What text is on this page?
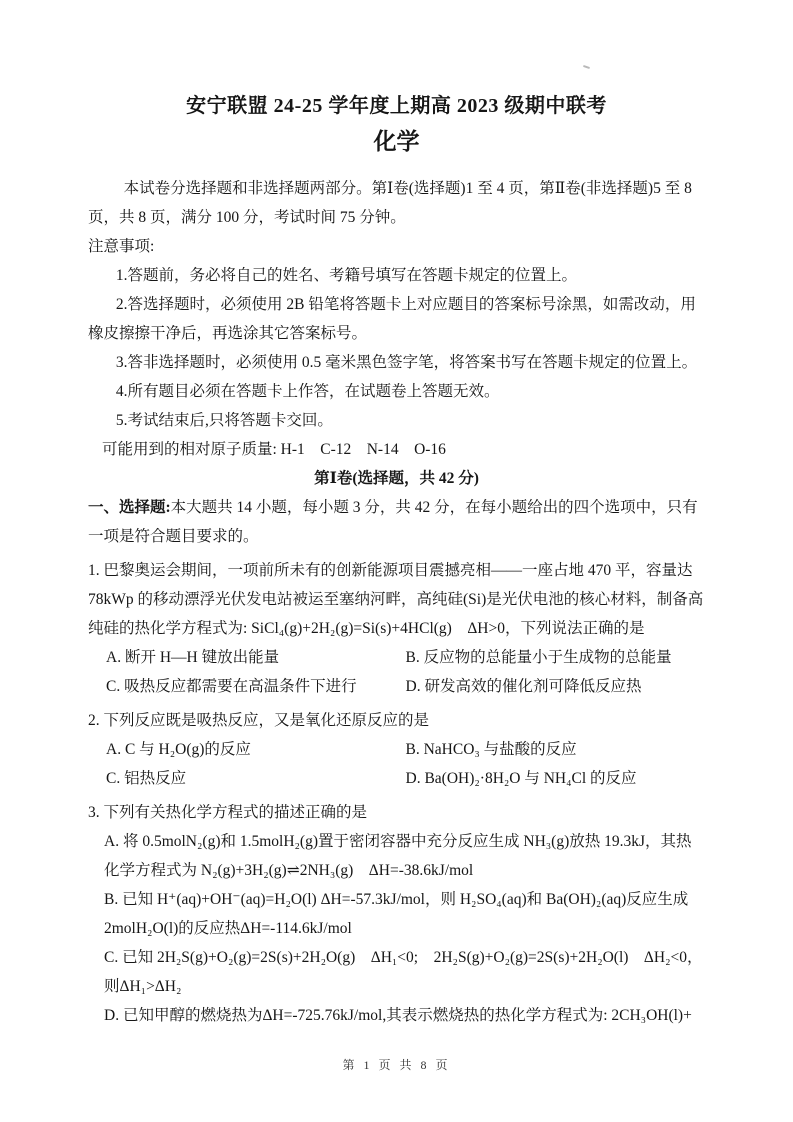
安宁联盟 24-25 学年度上期高 2023 级期中联考
化学

本试卷分选择题和非选择题两部分。第Ⅰ卷(选择题)1 至 4 页，第Ⅱ卷(非选择题)5 至 8 页，共 8 页，满分 100 分，考试时间 75 分钟。

注意事项:

1.答题前，务必将自己的姓名、考籍号填写在答题卡规定的位置上。

2.答选择题时，必须使用 2B 铅笔将答题卡上对应题目的答案标号涂黑，如需改动，用橡皮擦擦干净后，再选涂其它答案标号。

3.答非选择题时，必须使用 0.5 毫米黑色签字笔，将答案书写在答题卡规定的位置上。

4.所有题目必须在答题卡上作答，在试题卷上答题无效。

5.考试结束后,只将答题卡交回。

可能用到的相对原子质量: H-1　C-12　N-14　O-16

第Ⅰ卷(选择题，共 42 分)

一、选择题:本大题共 14 小题，每小题 3 分，共 42 分，在每小题给出的四个选项中，只有一项是符合题目要求的。

1. 巴黎奥运会期间，一项前所未有的创新能源项目震撼亮相——一座占地 470 平，容量达 78kWp 的移动漂浮光伏发电站被运至塞纳河畔，高纯硅(Si)是光伏电池的核心材料，制备高纯硅的热化学方程式为: SiCl₄(g)+2H₂(g)=Si(s)+4HCl(g)　ΔH>0，下列说法正确的是

A. 断开 H—H 键放出能量	B. 反应物的总能量小于生成物的总能量
C. 吸热反应都需要在高温条件下进行	D. 研发高效的催化剂可降低反应热

2. 下列反应既是吸热反应，又是氧化还原反应的是

A. C 与 H₂O(g)的反应	B. NaHCO₃ 与盐酸的反应
C. 铝热反应	D. Ba(OH)₂·8H₂O 与 NH₄Cl 的反应

3. 下列有关热化学方程式的描述正确的是

A. 将 0.5molN₂(g)和 1.5molH₂(g)置于密闭容器中充分反应生成 NH₃(g)放热 19.3kJ，其热化学方程式为 N₂(g)+3H₂(g)⇌2NH₃(g)　ΔH=-38.6kJ/mol

B. 已知 H⁺(aq)+OH⁻(aq)=H₂O(l) ΔH=-57.3kJ/mol，则 H₂SO₄(aq)和 Ba(OH)₂(aq)反应生成 2molH₂O(l)的反应热ΔH=-114.6kJ/mol

C. 已知 2H₂S(g)+O₂(g)=2S(s)+2H₂O(g)　ΔH₁<0;　2H₂S(g)+O₂(g)=2S(s)+2H₂O(l)　ΔH₂<0，则ΔH₁>ΔH₂

D. 已知甲醇的燃烧热为ΔH=-725.76kJ/mol,其表示燃烧热的热化学方程式为: 2CH₃OH(l)+

第 1 页 共 8 页
